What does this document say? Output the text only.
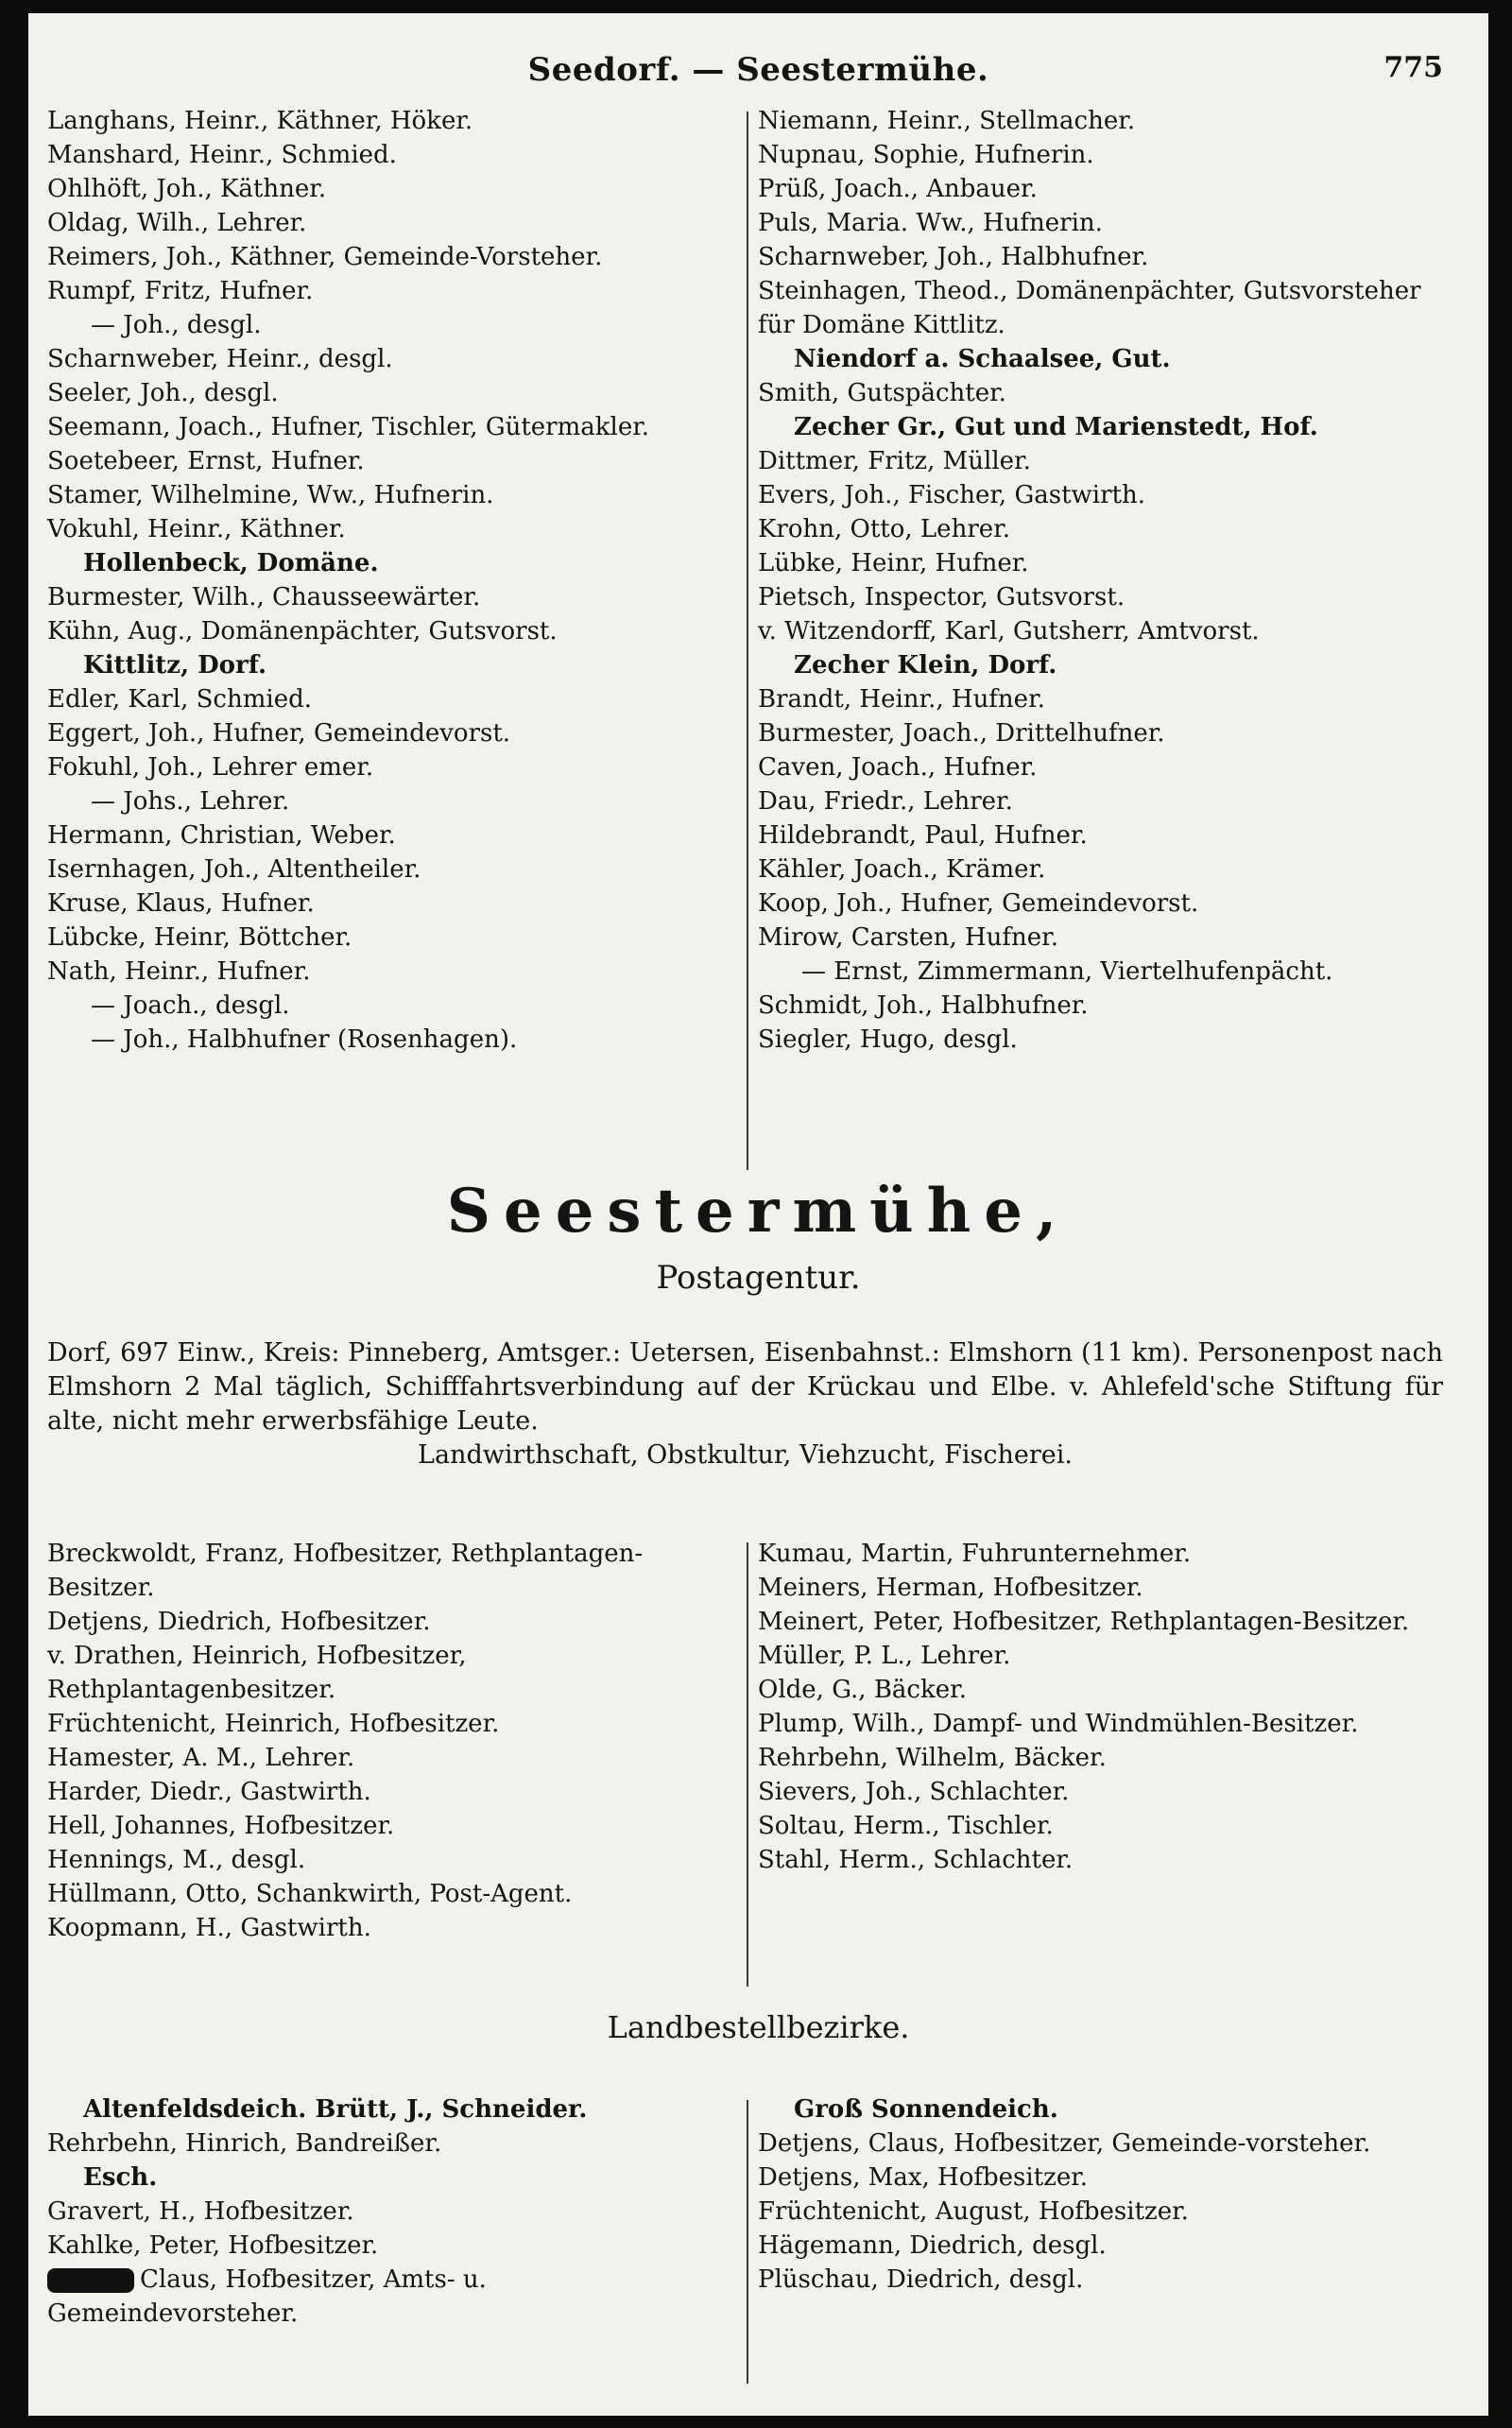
Seedorf. — Seestermühe.	775
Langhans, Heinr., Käthner, Höker.
Manshard, Heinr., Schmied.
Ohlhöft, Joh., Käthner.
Oldag, Wilh., Lehrer.
Reimers, Joh., Käthner, Gemeinde-Vorsteher.
Rumpf, Fritz, Hufner.
— Joh., desgl.
Scharnweber, Heinr., desgl.
Seeler, Joh., desgl.
Seemann, Joach., Hufner, Tischler, Gütermakler.
Soetebeer, Ernst, Hufner.
Stamer, Wilhelmine, Ww., Hufnerin.
Vokuhl, Heinr., Käthner.
Hollenbeck, Domäne.
Burmester, Wilh., Chausseewärter.
Kühn, Aug., Domänenpächter, Gutsvorst.
Kittlitz, Dorf.
Edler, Karl, Schmied.
Eggert, Joh., Hufner, Gemeindevorst.
Fokuhl, Joh., Lehrer emer.
— Johs., Lehrer.
Hermann, Christian, Weber.
Isernhagen, Joh., Altentheiler.
Kruse, Klaus, Hufner.
Lübcke, Heinr, Böttcher.
Nath, Heinr., Hufner.
— Joach., desgl.
— Joh., Halbhufner (Rosenhagen).
Niemann, Heinr., Stellmacher.
Nupnau, Sophie, Hufnerin.
Prüß, Joach., Anbauer.
Puls, Maria. Ww., Hufnerin.
Scharnweber, Joh., Halbhufner.
Steinhagen, Theod., Domänenpächter, Gutsvorsteher für Domäne Kittlitz.
Niendorf a. Schaalsee, Gut.
Smith, Gutspächter.
Zecher Gr., Gut und Marienstedt, Hof.
Dittmer, Fritz, Müller.
Evers, Joh., Fischer, Gastwirth.
Krohn, Otto, Lehrer.
Lübke, Heinr, Hufner.
Pietsch, Inspector, Gutsvorst.
v. Witzendorff, Karl, Gutsherr, Amtvorst.
Zecher Klein, Dorf.
Brandt, Heinr., Hufner.
Burmester, Joach., Drittelhufner.
Caven, Joach., Hufner.
Dau, Friedr., Lehrer.
Hildebrandt, Paul, Hufner.
Kähler, Joach., Krämer.
Koop, Joh., Hufner, Gemeindevorst.
Mirow, Carsten, Hufner.
— Ernst, Zimmermann, Viertelhufenpächt.
Schmidt, Joh., Halbhufner.
Siegler, Hugo, desgl.
Seestermühe,
Postagentur.
Dorf, 697 Einw., Kreis: Pinneberg, Amtsger.: Uetersen, Eisenbahnst.: Elmshorn (11 km). Personenpost nach Elmshorn 2 Mal täglich, Schifffahrtsverbindung auf der Krückau und Elbe. v. Ahlefeld'sche Stiftung für alte, nicht mehr erwerbsfähige Leute.
Landwirthschaft, Obstkultur, Viehzucht, Fischerei.
Breckwoldt, Franz, Hofbesitzer, Rethplantagen-Besitzer.
Detjens, Diedrich, Hofbesitzer.
v. Drathen, Heinrich, Hofbesitzer, Rethplantagenbesitzer.
Früchtenicht, Heinrich, Hofbesitzer.
Hamester, A. M., Lehrer.
Harder, Diedr., Gastwirth.
Hell, Johannes, Hofbesitzer.
Hennings, M., desgl.
Hüllmann, Otto, Schankwirth, Post-Agent.
Koopmann, H., Gastwirth.
Kumau, Martin, Fuhrunternehmer.
Meiners, Herman, Hofbesitzer.
Meinert, Peter, Hofbesitzer, Rethplantagen-Besitzer.
Müller, P. L., Lehrer.
Olde, G., Bäcker.
Plump, Wilh., Dampf- und Windmühlen-Besitzer.
Rehrbehn, Wilhelm, Bäcker.
Sievers, Joh., Schlachter.
Soltau, Herm., Tischler.
Stahl, Herm., Schlachter.
Landbestellbezirke.
Altenfeldsdeich. Brütt, J., Schneider.
Rehrbehn, Hinrich, Bandreißer.
Esch.
Gravert, H., Hofbesitzer.
Kahlke, Peter, Hofbesitzer.
Claus, Hofbesitzer, Amts- u. Gemeindevorsteher.
Groß Sonnendeich.
Detjens, Claus, Hofbesitzer, Gemeinde-vorsteher.
Detjens, Max, Hofbesitzer.
Früchtenicht, August, Hofbesitzer.
Hägemann, Diedrich, desgl.
Plüschau, Diedrich, desgl.
